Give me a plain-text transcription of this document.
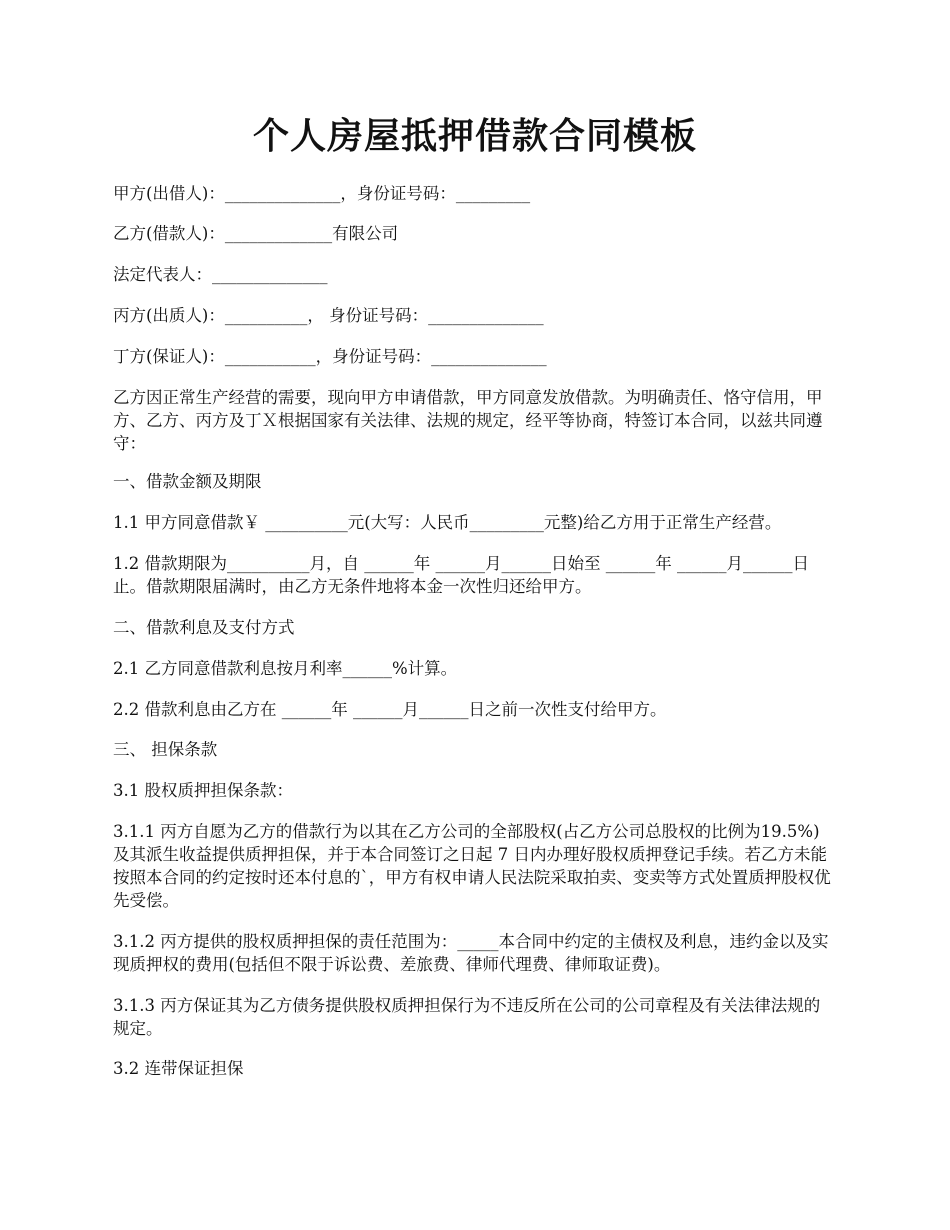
个人房屋抵押借款合同模板
甲方(出借人)：______________，身份证号码：_________
乙方(借款人)：_____________有限公司
法定代表人：______________
丙方(出质人)：__________， 身份证号码：______________
丁方(保证人)：___________，身份证号码：______________
乙方因正常生产经营的需要，现向甲方申请借款，甲方同意发放借款。为明确责任、恪守信用，甲方、乙方、丙方及丁Ｘ根据国家有关法律、法规的规定，经平等协商，特签订本合同，以兹共同遵守：
一、借款金额及期限
1.1 甲方同意借款￥ __________元(大写：人民币_________元整)给乙方用于正常生产经营。
1.2 借款期限为__________月，自 ______年 ______月______日始至 ______年 ______月______日止。借款期限届满时，由乙方无条件地将本金一次性归还给甲方。
二、借款利息及支付方式
2.1 乙方同意借款利息按月利率______%计算。
2.2 借款利息由乙方在 ______年 ______月______日之前一次性支付给甲方。
三、 担保条款
3.1 股权质押担保条款：
3.1.1 丙方自愿为乙方的借款行为以其在乙方公司的全部股权(占乙方公司总股权的比例为19.5%)及其派生收益提供质押担保，并于本合同签订之日起 7 日内办理好股权质押登记手续。若乙方未能按照本合同的约定按时还本付息的`，甲方有权申请人民法院采取拍卖、变卖等方式处置质押股权优先受偿。
3.1.2 丙方提供的股权质押担保的责任范围为：_____本合同中约定的主债权及利息，违约金以及实现质押权的费用(包括但不限于诉讼费、差旅费、律师代理费、律师取证费)。
3.1.3 丙方保证其为乙方债务提供股权质押担保行为不违反所在公司的公司章程及有关法律法规的规定。
3.2 连带保证担保
